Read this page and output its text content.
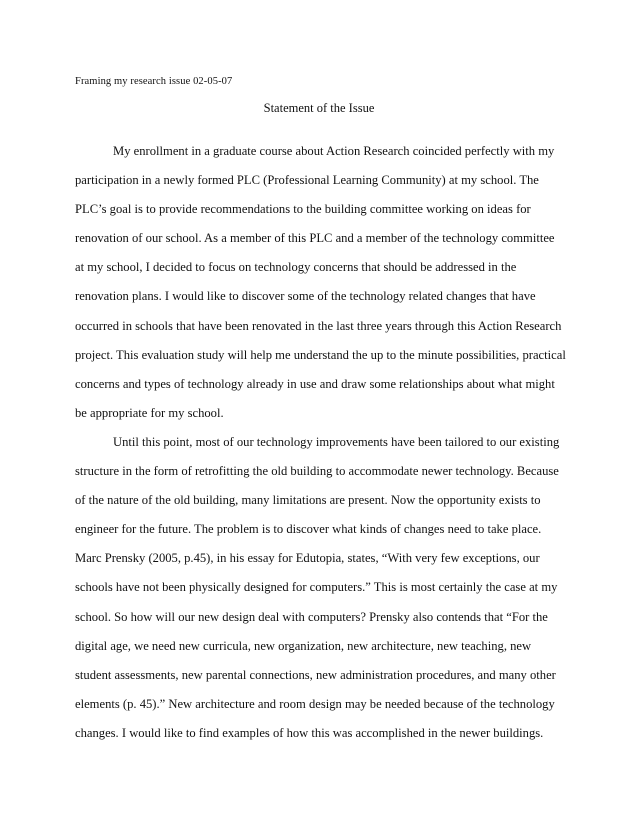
Framing my research issue 02-05-07
Statement of the Issue
My enrollment in a graduate course about Action Research coincided perfectly with my
participation in a newly formed PLC (Professional Learning Community) at my school. The
PLC’s goal is to provide recommendations to the building committee working on ideas for
renovation of our school. As a member of this PLC and a member of the technology committee
at my school, I decided to focus on technology concerns that should be addressed in the
renovation plans. I would like to discover some of the technology related changes that have
occurred in schools that have been renovated in the last three years through this Action Research
project. This evaluation study will help me understand the up to the minute possibilities, practical
concerns and types of technology already in use and draw some relationships about what might
be appropriate for my school.
Until this point, most of our technology improvements have been tailored to our existing
structure in the form of retrofitting the old building to accommodate newer technology. Because
of the nature of the old building, many limitations are present. Now the opportunity exists to
engineer for the future. The problem is to discover what kinds of changes need to take place.
Marc Prensky (2005, p.45), in his essay for Edutopia, states, “With very few exceptions, our
schools have not been physically designed for computers.” This is most certainly the case at my
school. So how will our new design deal with computers? Prensky also contends that “For the
digital age, we need new curricula, new organization, new architecture, new teaching, new
student assessments, new parental connections, new administration procedures, and many other
elements (p. 45).” New architecture and room design may be needed because of the technology
changes. I would like to find examples of how this was accomplished in the newer buildings.
